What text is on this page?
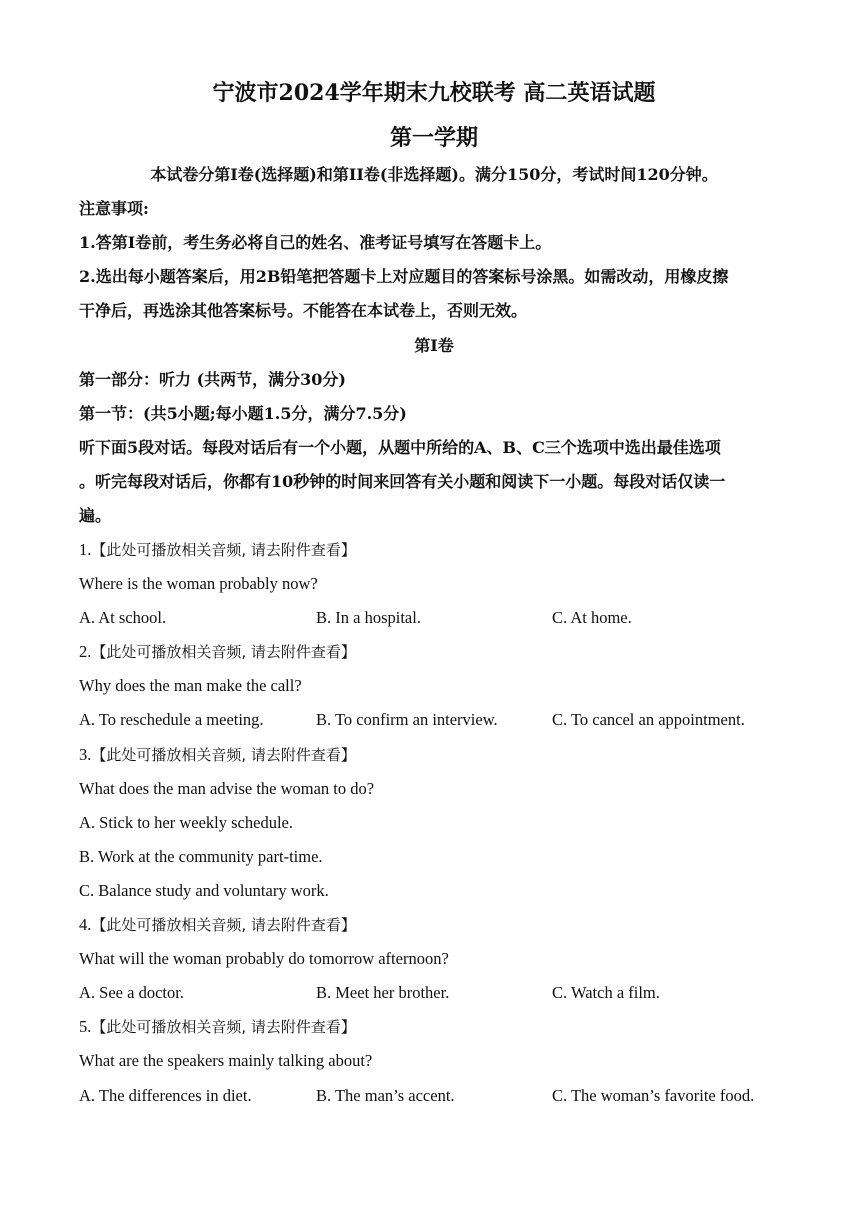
宁波市2024学年期末九校联考 高二英语试题
第一学期
本试卷分第I卷(选择题)和第II卷(非选择题)。满分150分，考试时间120分钟。
注意事项:
1.答第I卷前，考生务必将自己的姓名、准考证号填写在答题卡上。
2.选出每小题答案后，用2B铅笔把答题卡上对应题目的答案标号涂黑。如需改动，用橡皮擦
干净后，再选涂其他答案标号。不能答在本试卷上，否则无效。
第I卷
第一部分：听力 (共两节，满分30分)
第一节：(共5小题;每小题1.5分，满分7.5分)
听下面5段对话。每段对话后有一个小题，从题中所给的A、B、C三个选项中选出最佳选项
。听完每段对话后，你都有10秒钟的时间来回答有关小题和阅读下一小题。每段对话仅读一
遍。
1.【此处可播放相关音频, 请去附件查看】
Where is the woman probably now?
A. At school.	B. In a hospital.	C. At home.
2.【此处可播放相关音频, 请去附件查看】
Why does the man make the call?
A. To reschedule a meeting.	B. To confirm an interview.	C. To cancel an appointment.
3.【此处可播放相关音频, 请去附件查看】
What does the man advise the woman to do?
A. Stick to her weekly schedule.
B. Work at the community part-time.
C. Balance study and voluntary work.
4.【此处可播放相关音频, 请去附件查看】
What will the woman probably do tomorrow afternoon?
A. See a doctor.	B. Meet her brother.	C. Watch a film.
5.【此处可播放相关音频, 请去附件查看】
What are the speakers mainly talking about?
A. The differences in diet.	B. The man’s accent.	C. The woman’s favorite food.
